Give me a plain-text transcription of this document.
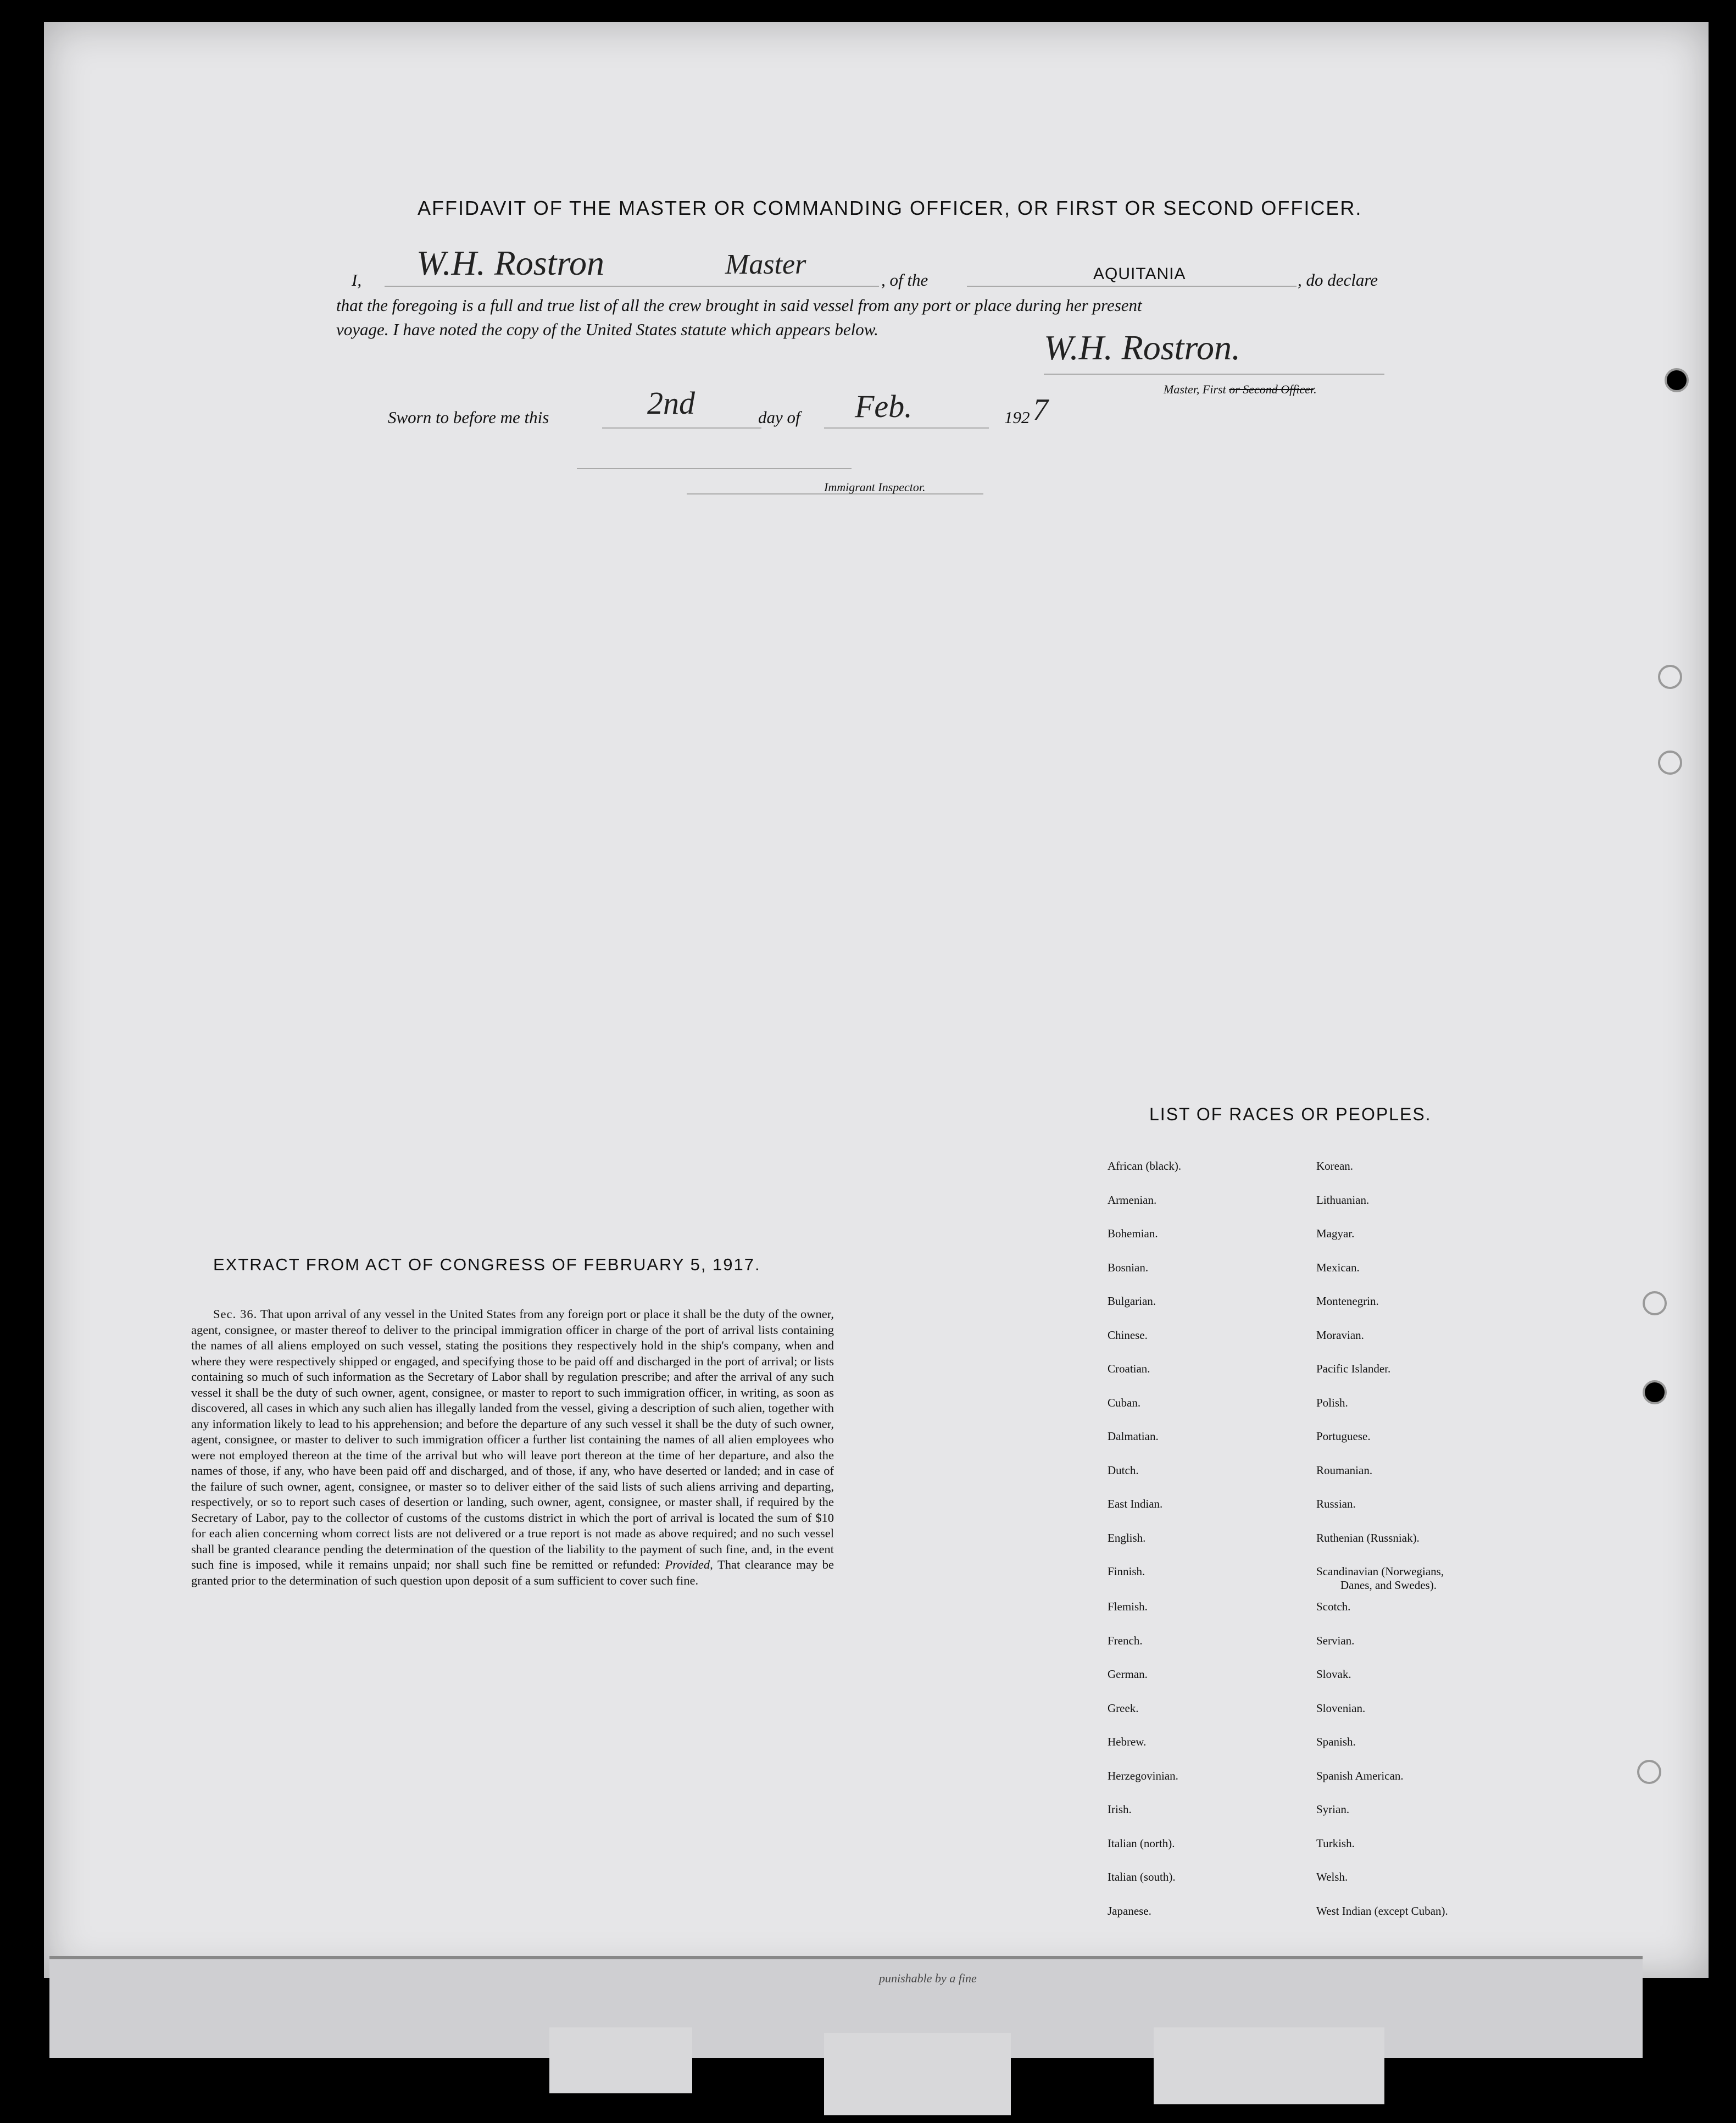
punishable by a fine
AFFIDAVIT OF THE MASTER OR COMMANDING OFFICER, OR FIRST OR SECOND OFFICER.
I, W.H. Rostron	Master	, of the	AQUITANIA	, do declare
that the foregoing is a full and true list of all the crew brought in said vessel from any port or place during her present
voyage. I have noted the copy of the United States statute which appears below.	W.H. Rostron.
Master, First or Second Officer.
Sworn to before me this	2nd	day of Feb.	192 7
Immigrant Inspector.
EXTRACT FROM ACT OF CONGRESS OF FEBRUARY 5, 1917.
Sec. 36. That upon arrival of any vessel in the United States from any foreign port or place it shall be the duty of the owner, agent, consignee, or master thereof to deliver to the principal immigration officer in charge of the port of arrival lists containing the names of all aliens employed on such vessel, stating the positions they respectively hold in the ship's company, when and where they were respectively shipped or engaged, and specifying those to be paid off and discharged in the port of arrival; or lists containing so much of such information as the Secretary of Labor shall by regulation prescribe; and after the arrival of any such vessel it shall be the duty of such owner, agent, consignee, or master to report to such immigration officer, in writing, as soon as discovered, all cases in which any such alien has illegally landed from the vessel, giving a description of such alien, together with any information likely to lead to his apprehension; and before the departure of any such vessel it shall be the duty of such owner, agent, consignee, or master to deliver to such immigration officer a further list containing the names of all alien employees who were not employed thereon at the time of the arrival but who will leave port thereon at the time of her departure, and also the names of those, if any, who have been paid off and discharged, and of those, if any, who have deserted or landed; and in case of the failure of such owner, agent, consignee, or master so to deliver either of the said lists of such aliens arriving and departing, respectively, or so to report such cases of desertion or landing, such owner, agent, consignee, or master shall, if required by the Secretary of Labor, pay to the collector of customs of the customs district in which the port of arrival is located the sum of $10 for each alien concerning whom correct lists are not delivered or a true report is not made as above required; and no such vessel shall be granted clearance pending the determination of the question of the liability to the payment of such fine, and, in the event such fine is imposed, while it remains unpaid; nor shall such fine be remitted or refunded: Provided, That clearance may be granted prior to the determination of such question upon deposit of a sum sufficient to cover such fine.
LIST OF RACES OR PEOPLES.
African (black).
Armenian.
Bohemian.
Bosnian.
Bulgarian.
Chinese.
Croatian.
Cuban.
Dalmatian.
Dutch.
East Indian.
English.
Finnish.
Flemish.
French.
German.
Greek.
Hebrew.
Herzegovinian.
Irish.
Italian (north).
Italian (south).
Japanese.
Korean.
Lithuanian.
Magyar.
Mexican.
Montenegrin.
Moravian.
Pacific Islander.
Polish.
Portuguese.
Roumanian.
Russian.
Ruthenian (Russniak).
Scandinavian (Norwegians,
Danes, and Swedes).
Scotch.
Servian.
Slovak.
Slovenian.
Spanish.
Spanish American.
Syrian.
Turkish.
Welsh.
West Indian (except Cuban).
